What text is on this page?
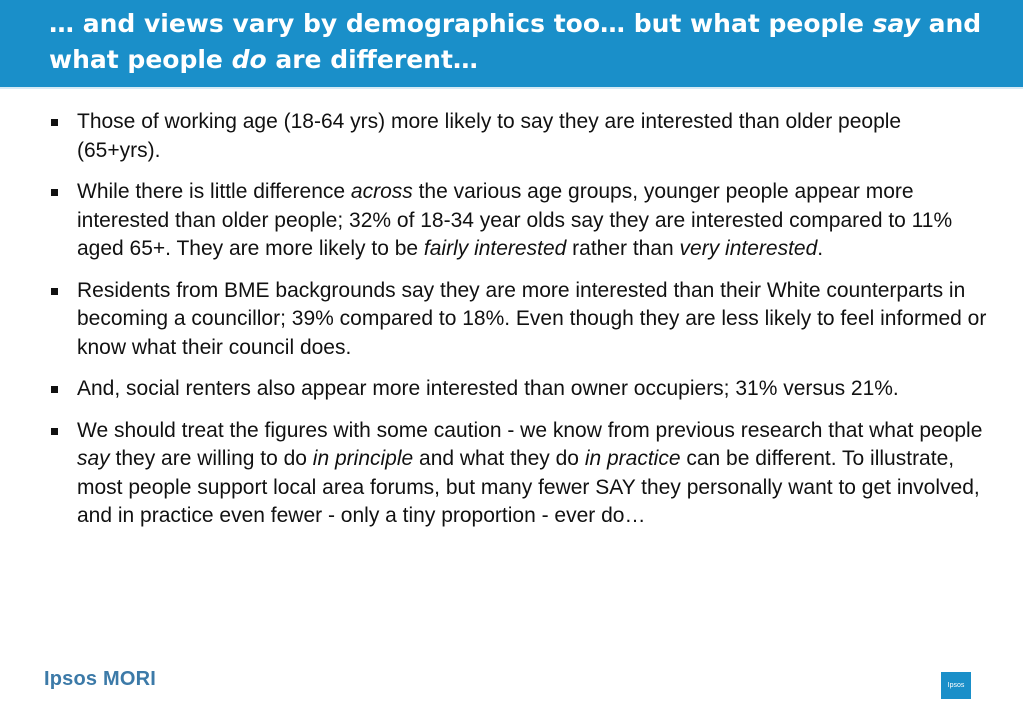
… and views vary by demographics too… but what people say and what people do are different…
Those of working age (18-64 yrs) more likely to say they are interested than older people (65+yrs).
While there is little difference across the various age groups, younger people appear more interested than older people; 32% of 18-34 year olds say they are interested compared to 11% aged 65+. They are more likely to be fairly interested rather than very interested.
Residents from BME backgrounds say they are more interested than their White counterparts in becoming a councillor; 39% compared to 18%. Even though they are less likely to feel informed or know what their council does.
And, social renters also appear more interested than owner occupiers; 31% versus 21%.
We should treat the figures with some caution - we know from previous research that what people say they are willing to do in principle and what they do in practice can be different. To illustrate, most people support local area forums, but many fewer SAY they personally want to get involved, and in practice even fewer - only a tiny proportion - ever do…
Ipsos MORI	Ipsos
